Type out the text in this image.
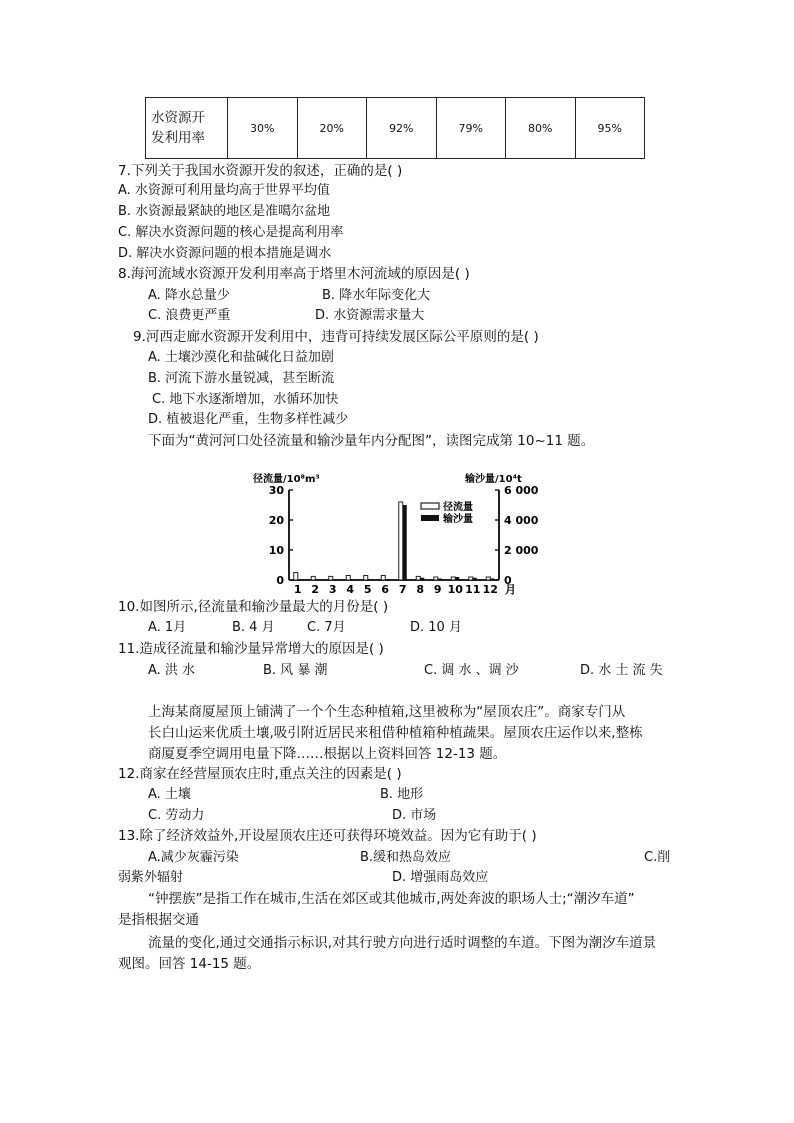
水资源开
发利用率	30%	20%	92%	79%	80%	95%
7.下列关于我国水资源开发的叙述，正确的是( )
A. 水资源可利用量均高于世界平均值
B. 水资源最紧缺的地区是准噶尔盆地
C. 解决水资源问题的核心是提高利用率
D. 解决水资源问题的根本措施是调水
8.海河流域水资源开发利用率高于塔里木河流域的原因是( )
A. 降水总量少	B. 降水年际变化大
C. 浪费更严重	D. 水资源需求量大
9.河西走廊水资源开发利用中，违背可持续发展区际公平原则的是( )
A. 土壤沙漠化和盐碱化日益加剧
B. 河流下游水量锐减，甚至断流
C. 地下水逐渐增加，水循环加快
D. 植被退化严重，生物多样性减少
下面为“黄河河口处径流量和输沙量年内分配图”，读图完成第 10~11 题。
径流量/10⁸m³	输沙量/10⁴t
0
10
20
30
0
2 000
4 000
6 000
1 2 3 4 5 6 7 8 9 10 11 12 月
径流量
输沙量
10.如图所示,径流量和输沙量最大的月份是( )
A. 1月	B. 4 月 C. 7月	D. 10 月
11.造成径流量和输沙量异常增大的原因是( )
A. 洪 水	B. 风 暴 潮	C. 调 水 、调 沙	D. 水 土 流 失
上海某商厦屋顶上铺满了一个个生态种植箱,这里被称为“屋顶农庄”。商家专门从
长白山运来优质土壤,吸引附近居民来租借种植箱种植蔬果。屋顶农庄运作以来,整栋
商厦夏季空调用电量下降……根据以上资料回答 12-13 题。
12.商家在经营屋顶农庄时,重点关注的因素是( )
A. 土壤	B. 地形
C. 劳动力	D. 市场
13.除了经济效益外,开设屋顶农庄还可获得环境效益。因为它有助于( )
A.减少灰霾污染	B.缓和热岛效应	C.削
弱紫外辐射	D. 增强雨岛效应
“钟摆族”是指工作在城市,生活在郊区或其他城市,两处奔波的职场人士;“潮汐车道”
是指根据交通
流量的变化,通过交通指示标识,对其行驶方向进行适时调整的车道。下图为潮汐车道景
观图。回答 14-15 题。
